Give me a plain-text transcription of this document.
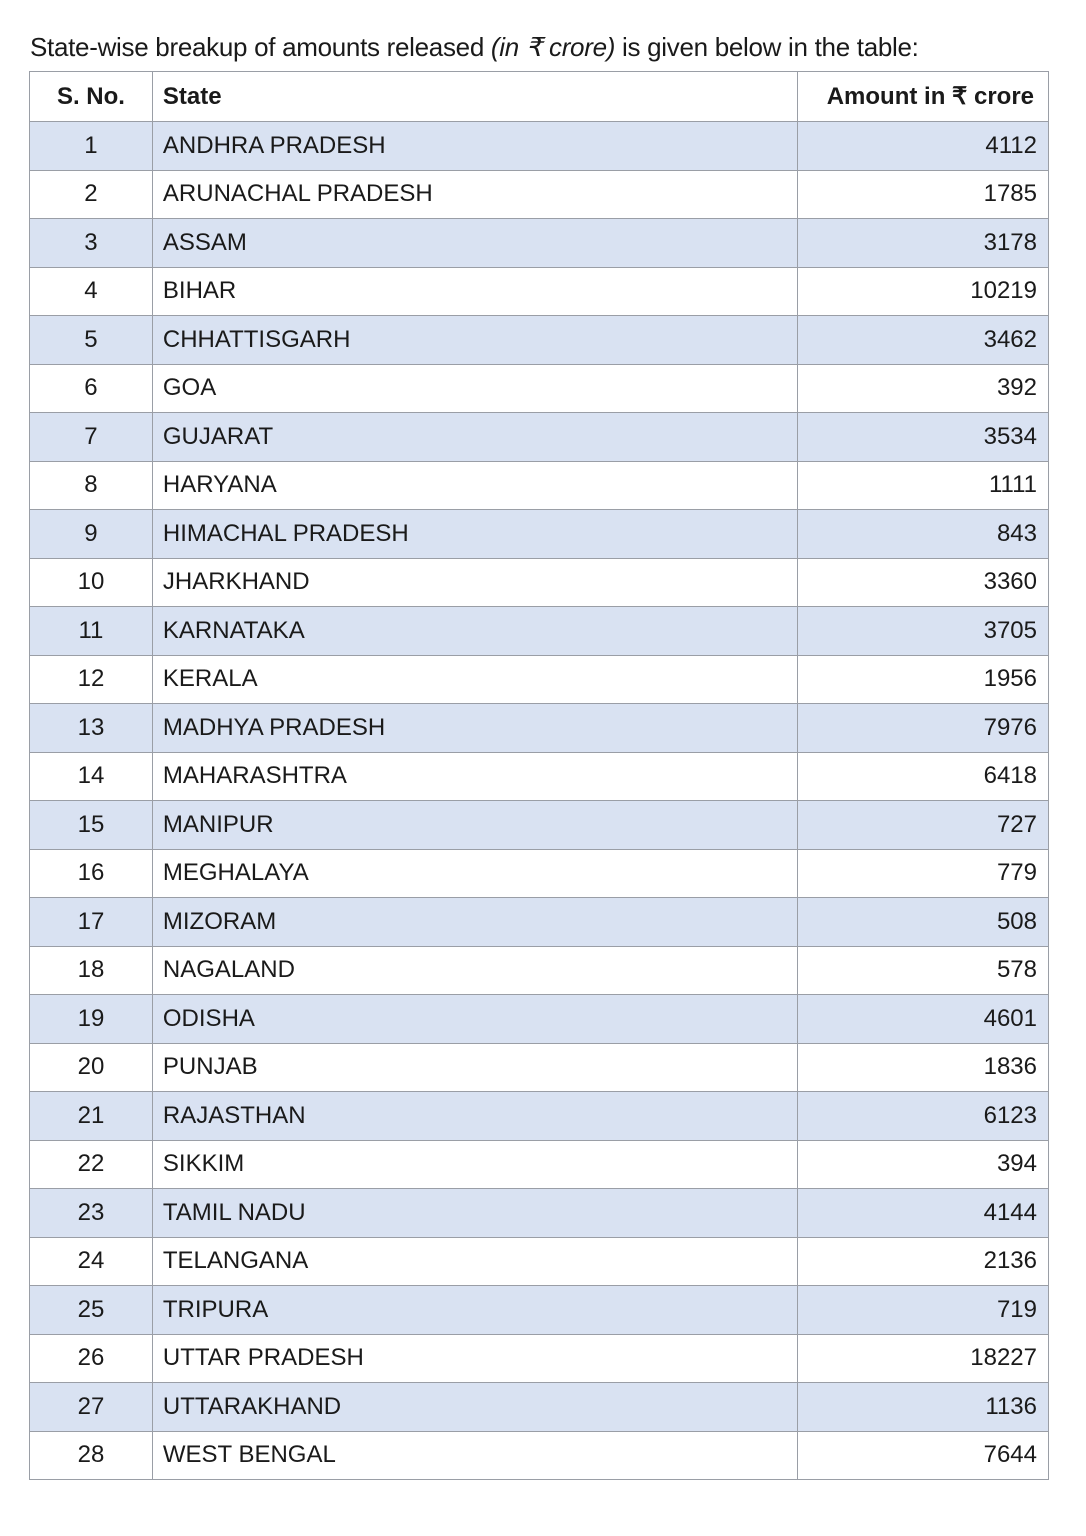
State-wise breakup of amounts released (in ₹ crore) is given below in the table:

S. No.	State	Amount in ₹ crore
1	ANDHRA PRADESH	4112
2	ARUNACHAL PRADESH	1785
3	ASSAM	3178
4	BIHAR	10219
5	CHHATTISGARH	3462
6	GOA	392
7	GUJARAT	3534
8	HARYANA	1111
9	HIMACHAL PRADESH	843
10	JHARKHAND	3360
11	KARNATAKA	3705
12	KERALA	1956
13	MADHYA PRADESH	7976
14	MAHARASHTRA	6418
15	MANIPUR	727
16	MEGHALAYA	779
17	MIZORAM	508
18	NAGALAND	578
19	ODISHA	4601
20	PUNJAB	1836
21	RAJASTHAN	6123
22	SIKKIM	394
23	TAMIL NADU	4144
24	TELANGANA	2136
25	TRIPURA	719
26	UTTAR PRADESH	18227
27	UTTARAKHAND	1136
28	WEST BENGAL	7644
